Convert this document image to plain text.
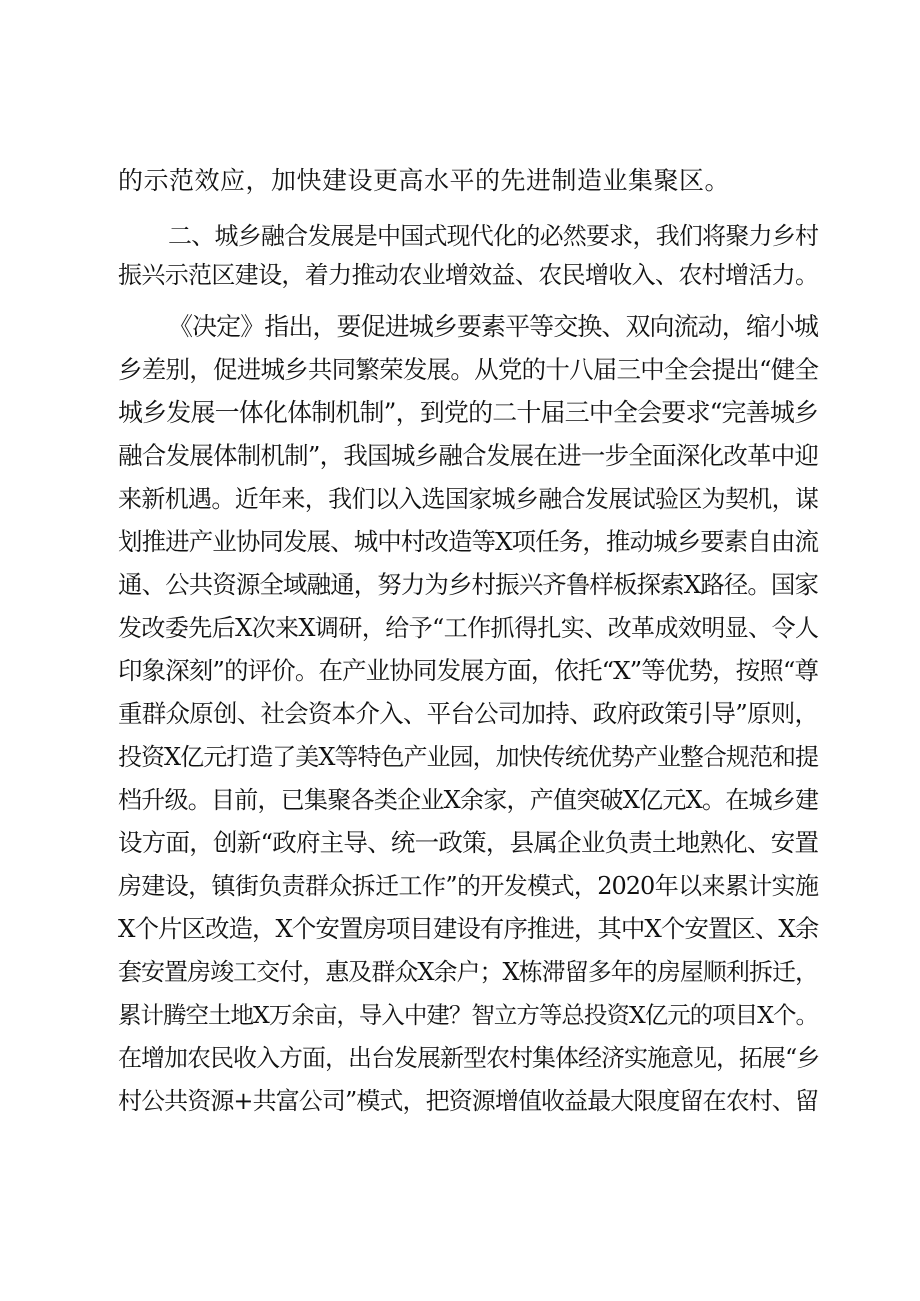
的示范效应，加快建设更高水平的先进制造业集聚区。
二、城乡融合发展是中国式现代化的必然要求，我们将聚力乡村
振兴示范区建设，着力推动农业增效益、农民增收入、农村增活力。
《决定》指出，要促进城乡要素平等交换、双向流动，缩小城
乡差别，促进城乡共同繁荣发展。从党的十八届三中全会提出“健全
城乡发展一体化体制机制”，到党的二十届三中全会要求“完善城乡
融合发展体制机制”，我国城乡融合发展在进一步全面深化改革中迎
来新机遇。近年来，我们以入选国家城乡融合发展试验区为契机，谋
划推进产业协同发展、城中村改造等X项任务，推动城乡要素自由流
通、公共资源全域融通，努力为乡村振兴齐鲁样板探索X路径。国家
发改委先后X次来X调研，给予“工作抓得扎实、改革成效明显、令人
印象深刻”的评价。在产业协同发展方面，依托“X”等优势，按照“尊
重群众原创、社会资本介入、平台公司加持、政府政策引导”原则，
投资X亿元打造了美X等特色产业园，加快传统优势产业整合规范和提
档升级。目前，已集聚各类企业X余家，产值突破X亿元X。在城乡建
设方面，创新“政府主导、统一政策，县属企业负责土地熟化、安置
房建设，镇街负责群众拆迁工作”的开发模式，2020年以来累计实施
X个片区改造，X个安置房项目建设有序推进，其中X个安置区、X余
套安置房竣工交付，惠及群众X余户；X栋滞留多年的房屋顺利拆迁，
累计腾空土地X万余亩，导入中建？智立方等总投资X亿元的项目X个。
在增加农民收入方面，出台发展新型农村集体经济实施意见，拓展“乡
村公共资源+共富公司”模式，把资源增值收益最大限度留在农村、留
